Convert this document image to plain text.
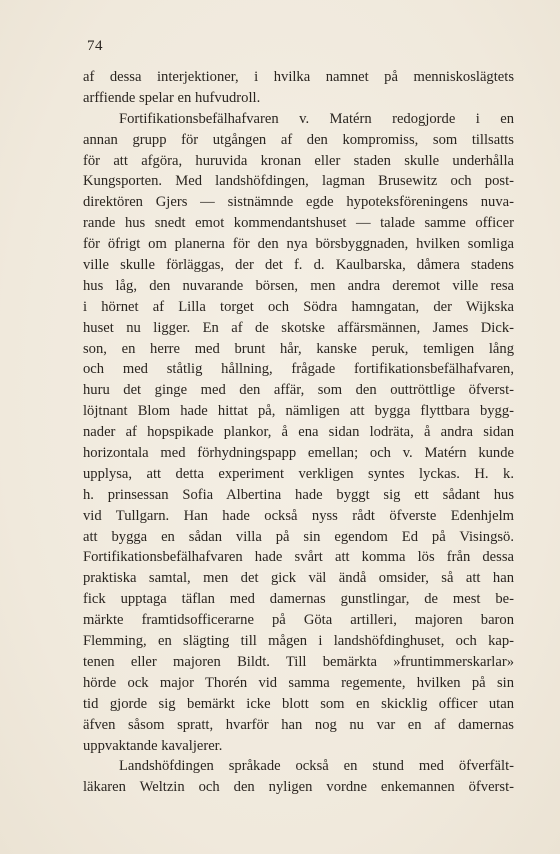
74
af dessa interjektioner, i hvilka namnet på menniskoslägtets
arffiende spelar en hufvudroll.
Fortifikationsbefälhafvaren v. Matérn redogjorde i en
annan grupp för utgången af den kompromiss, som tillsatts
för att afgöra, huruvida kronan eller staden skulle underhålla
Kungsporten. Med landshöfdingen, lagman Brusewitz och post-
direktören Gjers — sistnämnde egde hypoteksföreningens nuva-
rande hus snedt emot kommendantshuset — talade samme officer
för öfrigt om planerna för den nya börsbyggnaden, hvilken somliga
ville skulle förläggas, der det f. d. Kaulbarska, dåmera stadens
hus låg, den nuvarande börsen, men andra deremot ville resa
i hörnet af Lilla torget och Södra hamngatan, der Wijkska
huset nu ligger. En af de skotske affärsmännen, James Dick-
son, en herre med brunt hår, kanske peruk, temligen lång
och med ståtlig hållning, frågade fortifikationsbefälhafvaren,
huru det ginge med den affär, som den outtröttlige öfverst-
löjtnant Blom hade hittat på, nämligen att bygga flyttbara bygg-
nader af hopspikade plankor, å ena sidan lodräta, å andra sidan
horizontala med förhydningspapp emellan; och v. Matérn kunde
upplysa, att detta experiment verkligen syntes lyckas. H. k.
h. prinsessan Sofia Albertina hade byggt sig ett sådant hus
vid Tullgarn. Han hade också nyss rådt öfverste Edenhjelm
att bygga en sådan villa på sin egendom Ed på Visingsö.
Fortifikationsbefälhafvaren hade svårt att komma lös från dessa
praktiska samtal, men det gick väl ändå omsider, så att han
fick upptaga täflan med damernas gunstlingar, de mest be-
märkte framtidsofficerarne på Göta artilleri, majoren baron
Flemming, en slägting till mågen i landshöfdinghuset, och kap-
tenen eller majoren Bildt. Till bemärkta »fruntimmerskarlar»
hörde ock major Thorén vid samma regemente, hvilken på sin
tid gjorde sig bemärkt icke blott som en skicklig officer utan
äfven såsom spratt, hvarför han nog nu var en af damernas
uppvaktande kavaljerer.
Landshöfdingen språkade också en stund med öfverfält-
läkaren Weltzin och den nyligen vordne enkemannen öfverst-
